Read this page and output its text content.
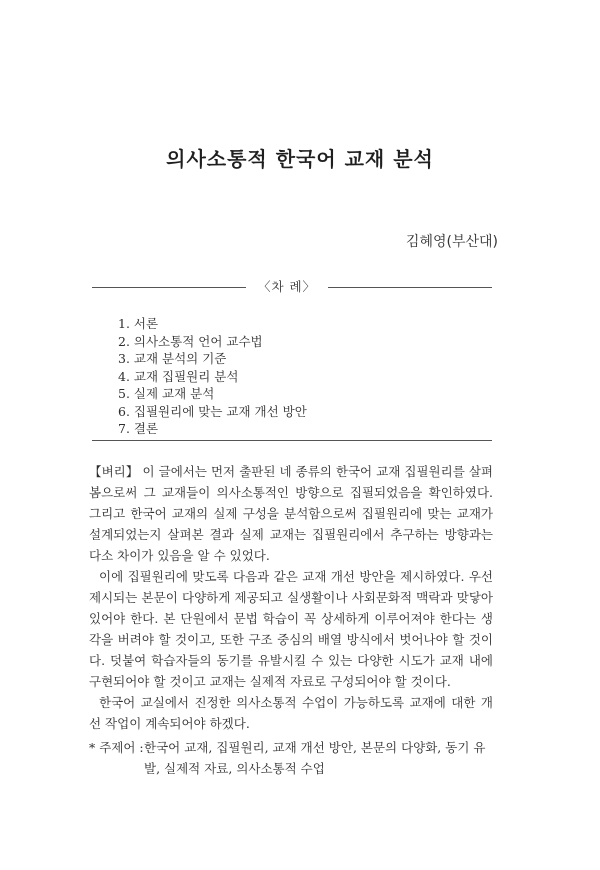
의사소통적 한국어 교재 분석
김혜영(부산대)
〈차 례〉
1. 서론
2. 의사소통적 언어 교수법
3. 교재 분석의 기준
4. 교재 집필원리 분석
5. 실제 교재 분석
6. 집필원리에 맞는 교재 개선 방안
7. 결론

【벼리】 이 글에서는 먼저 출판된 네 종류의 한국어 교재 집필원리를 살펴봄으로써 그 교재들이 의사소통적인 방향으로 집필되었음을 확인하였다. 그리고 한국어 교재의 실제 구성을 분석함으로써 집필원리에 맞는 교재가 설계되었는지 살펴본 결과 실제 교재는 집필원리에서 추구하는 방향과는 다소 차이가 있음을 알 수 있었다.

이에 집필원리에 맞도록 다음과 같은 교재 개선 방안을 제시하였다. 우선 제시되는 본문이 다양하게 제공되고 실생활이나 사회문화적 맥락과 맞닿아 있어야 한다. 본 단원에서 문법 학습이 꼭 상세하게 이루어져야 한다는 생각을 버려야 할 것이고, 또한 구조 중심의 배열 방식에서 벗어나야 할 것이다. 덧붙여 학습자들의 동기를 유발시킬 수 있는 다양한 시도가 교재 내에 구현되어야 할 것이고 교재는 실제적 자료로 구성되어야 할 것이다.

한국어 교실에서 진정한 의사소통적 수업이 가능하도록 교재에 대한 개선 작업이 계속되어야 하겠다.

* 주제어 : 한국어 교재, 집필원리, 교재 개선 방안, 본문의 다양화, 동기 유발, 실제적 자료, 의사소통적 수업
